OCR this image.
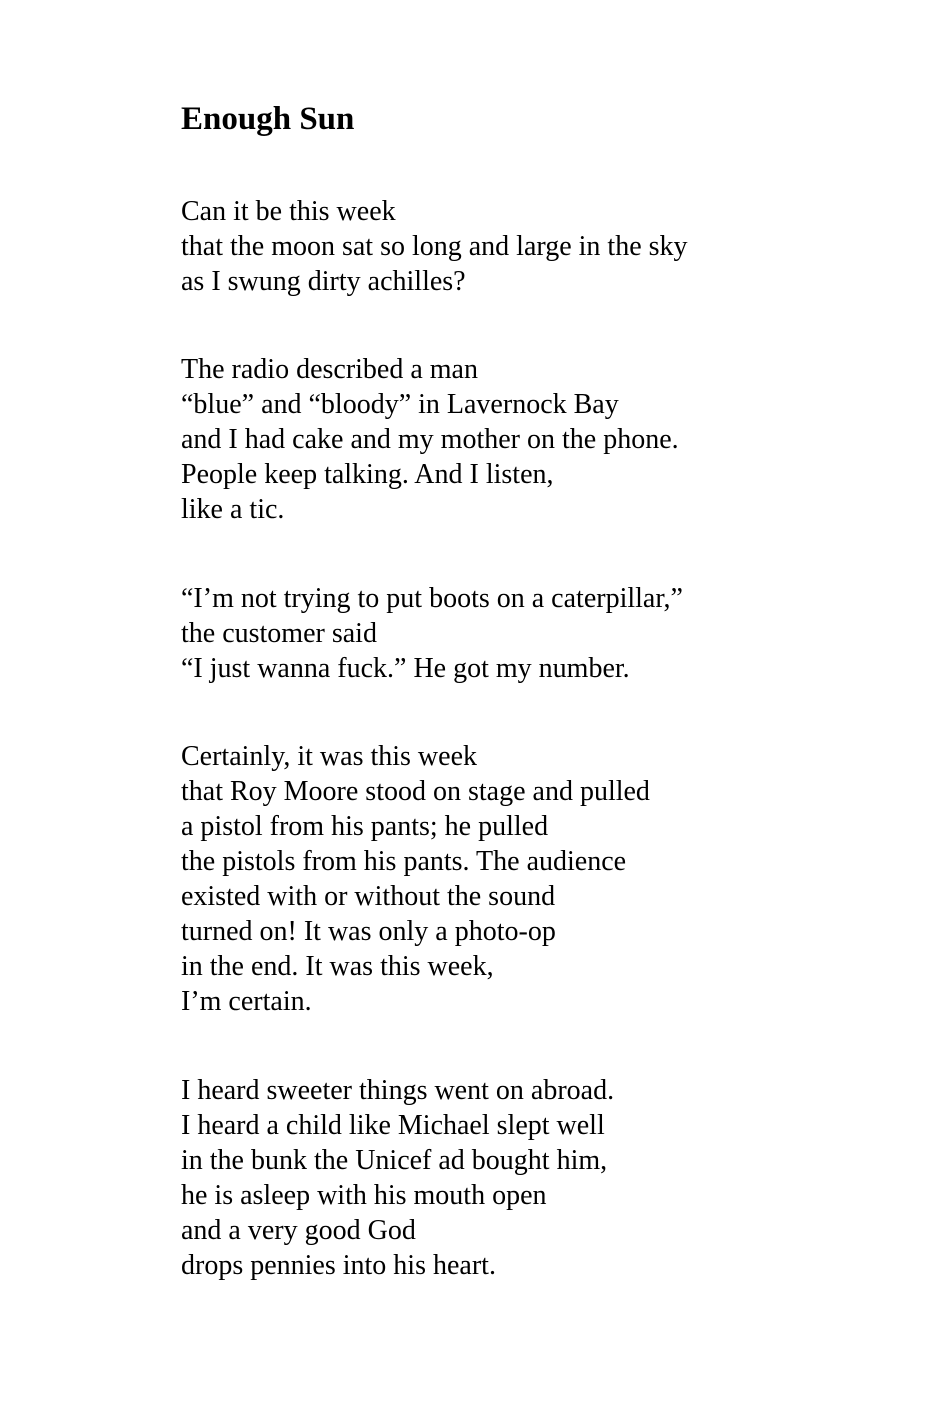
Enough Sun
Can it be this week
that the moon sat so long and large in the sky
as I swung dirty achilles?
The radio described a man
“blue” and “bloody” in Lavernock Bay
and I had cake and my mother on the phone.
People keep talking. And I listen,
like a tic.
“I’m not trying to put boots on a caterpillar,”
the customer said
“I just wanna fuck.” He got my number.
Certainly, it was this week
that Roy Moore stood on stage and pulled
a pistol from his pants; he pulled
the pistols from his pants. The audience
existed with or without the sound
turned on! It was only a photo-op
in the end. It was this week,
I’m certain.
I heard sweeter things went on abroad.
I heard a child like Michael slept well
in the bunk the Unicef ad bought him,
he is asleep with his mouth open
and a very good God
drops pennies into his heart.
